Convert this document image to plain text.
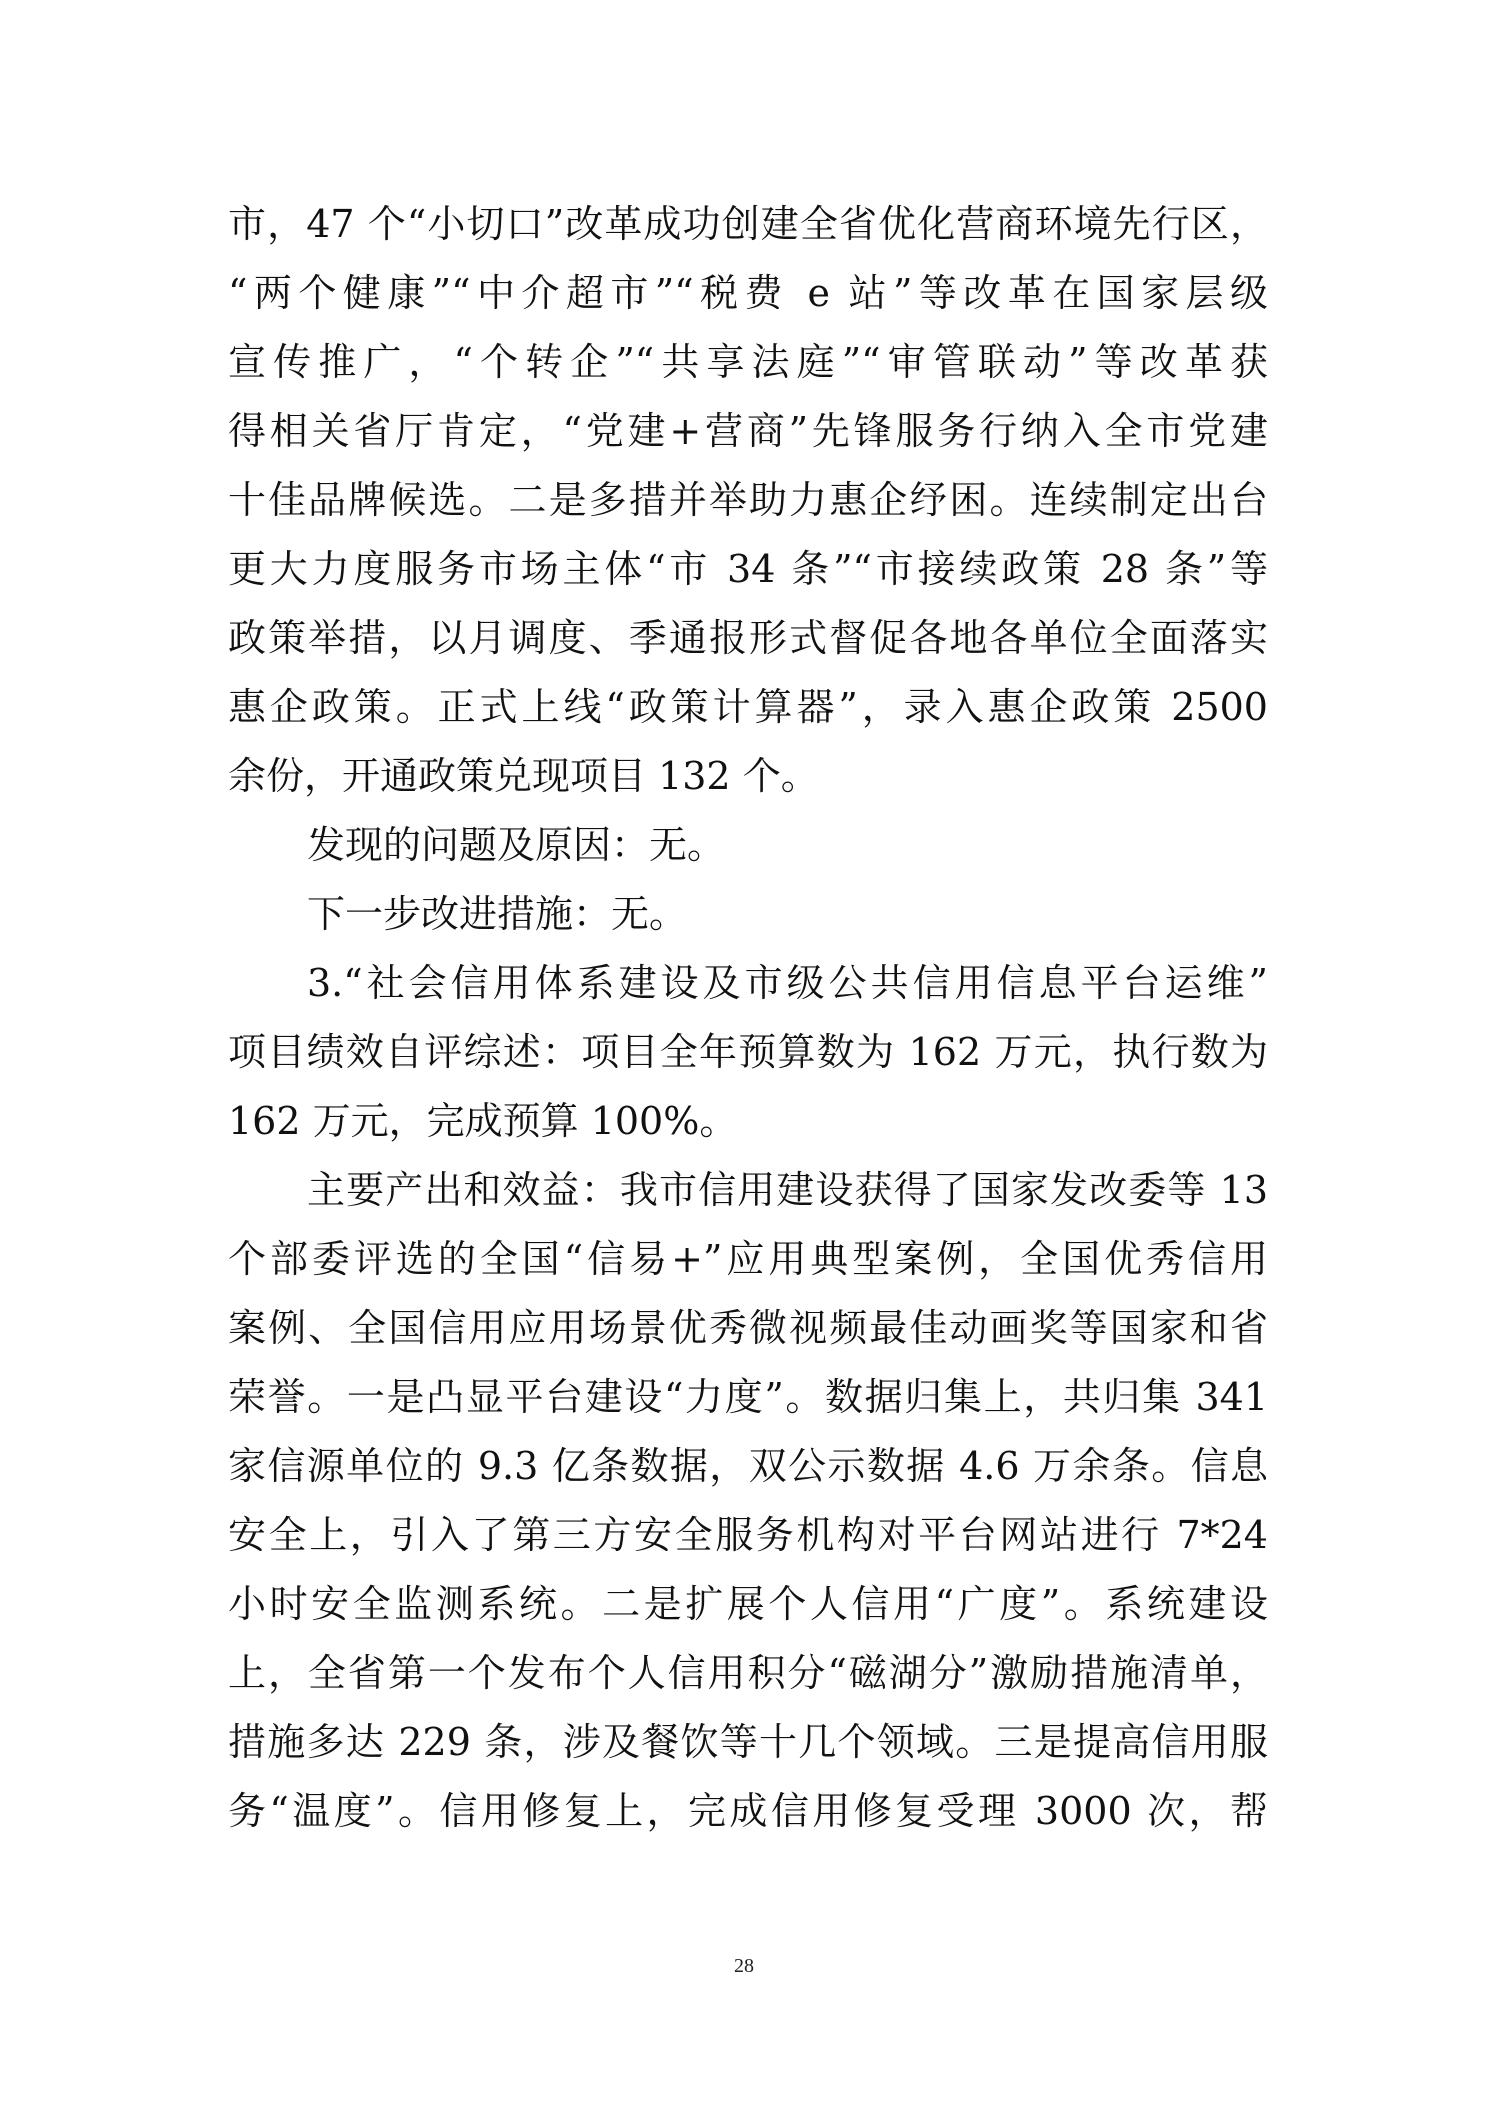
市，47 个“小切口”改革成功创建全省优化营商环境先行区，
“两个健康”“中介超市”“税费 e 站”等改革在国家层级
宣传推广，“个转企”“共享法庭”“审管联动”等改革获
得相关省厅肯定，“党建+营商”先锋服务行纳入全市党建
十佳品牌候选。二是多措并举助力惠企纾困。连续制定出台
更大力度服务市场主体“市 34 条”“市接续政策 28 条”等
政策举措，以月调度、季通报形式督促各地各单位全面落实
惠企政策。正式上线“政策计算器”，录入惠企政策 2500
余份，开通政策兑现项目 132 个。
发现的问题及原因：无。
下一步改进措施：无。
3.“社会信用体系建设及市级公共信用信息平台运维”
项目绩效自评综述：项目全年预算数为 162 万元，执行数为
162 万元，完成预算 100%。
主要产出和效益：我市信用建设获得了国家发改委等 13
个部委评选的全国“信易+”应用典型案例，全国优秀信用
案例、全国信用应用场景优秀微视频最佳动画奖等国家和省
荣誉。一是凸显平台建设“力度”。数据归集上，共归集 341
家信源单位的 9.3 亿条数据，双公示数据 4.6 万余条。信息
安全上，引入了第三方安全服务机构对平台网站进行 7*24
小时安全监测系统。二是扩展个人信用“广度”。系统建设
上，全省第一个发布个人信用积分“磁湖分”激励措施清单，
措施多达 229 条，涉及餐饮等十几个领域。三是提高信用服
务“温度”。信用修复上，完成信用修复受理 3000 次，帮
28
